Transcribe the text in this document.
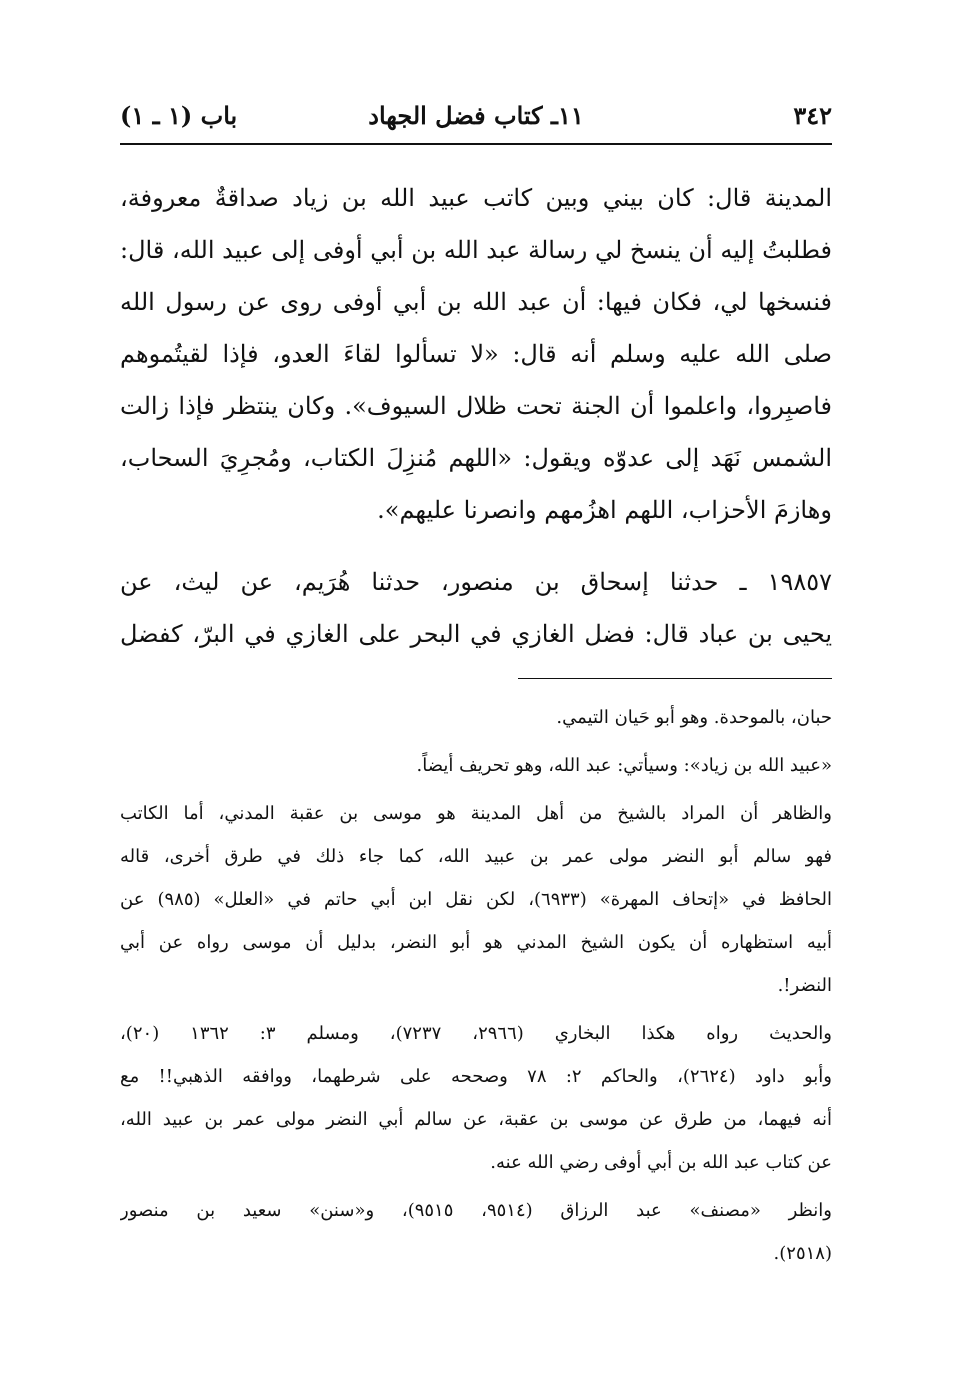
٣٤٢
١١ـ كتاب فضل الجهاد
باب (١ ـ ١)

المدينة قال: كان بيني وبين كاتب عبيد الله بن زياد صداقةٌ معروفة،
فطلبتُ إليه أن ينسخ لي رسالة عبد الله بن أبي أوفى إلى عبيد الله، قال:
فنسخها لي، فكان فيها: أن عبد الله بن أبي أوفى روى عن رسول الله
صلى الله عليه وسلم أنه قال: «لا تسألوا لقاءَ العدو، فإذا لقيتُموهم
فاصبِروا، واعلموا أن الجنة تحت ظلال السيوف». وكان ينتظر فإذا زالت
الشمس نَهَد إلى عدوّه ويقول: «اللهم مُنزِلَ الكتاب، ومُجرِيَ السحاب،
وهازمَ الأحزاب، اللهم اهزُمهم وانصرنا عليهم».

١٩٨٥٧ ـ حدثنا إسحاق بن منصور، حدثنا هُرَيم، عن ليث، عن
يحيى بن عباد قال: فضل الغازي في البحر على الغازي في البرّ، كفضل

حبان، بالموحدة. وهو أبو حَيان التيمي.

«عبيد الله بن زياد»: وسيأتي: عبد الله، وهو تحريف أيضاً.

والظاهر أن المراد بالشيخ من أهل المدينة هو موسى بن عقبة المدني، أما الكاتب
فهو سالم أبو النضر مولى عمر بن عبيد الله، كما جاء ذلك في طرق أخرى، قاله
الحافظ في «إتحاف المهرة» (٦٩٣٣)، لكن نقل ابن أبي حاتم في «العلل» (٩٨٥) عن
أبيه استظهاره أن يكون الشيخ المدني هو أبو النضر، بدليل أن موسى رواه عن أبي
النضر!.

والحديث رواه هكذا البخاري (٢٩٦٦، ٧٢٣٧)، ومسلم ٣: ١٣٦٢ (٢٠)،
وأبو داود (٢٦٢٤)، والحاكم ٢: ٧٨ وصححه على شرطهما، ووافقه الذهبي!! مع
أنه فيهما، من طرق عن موسى بن عقبة، عن سالم أبي النضر مولى عمر بن عبيد الله،
عن كتاب عبد الله بن أبي أوفى رضي الله عنه.

وانظر «مصنف» عبد الرزاق (٩٥١٤، ٩٥١٥)، و«سنن» سعيد بن منصور
(٢٥١٨).
